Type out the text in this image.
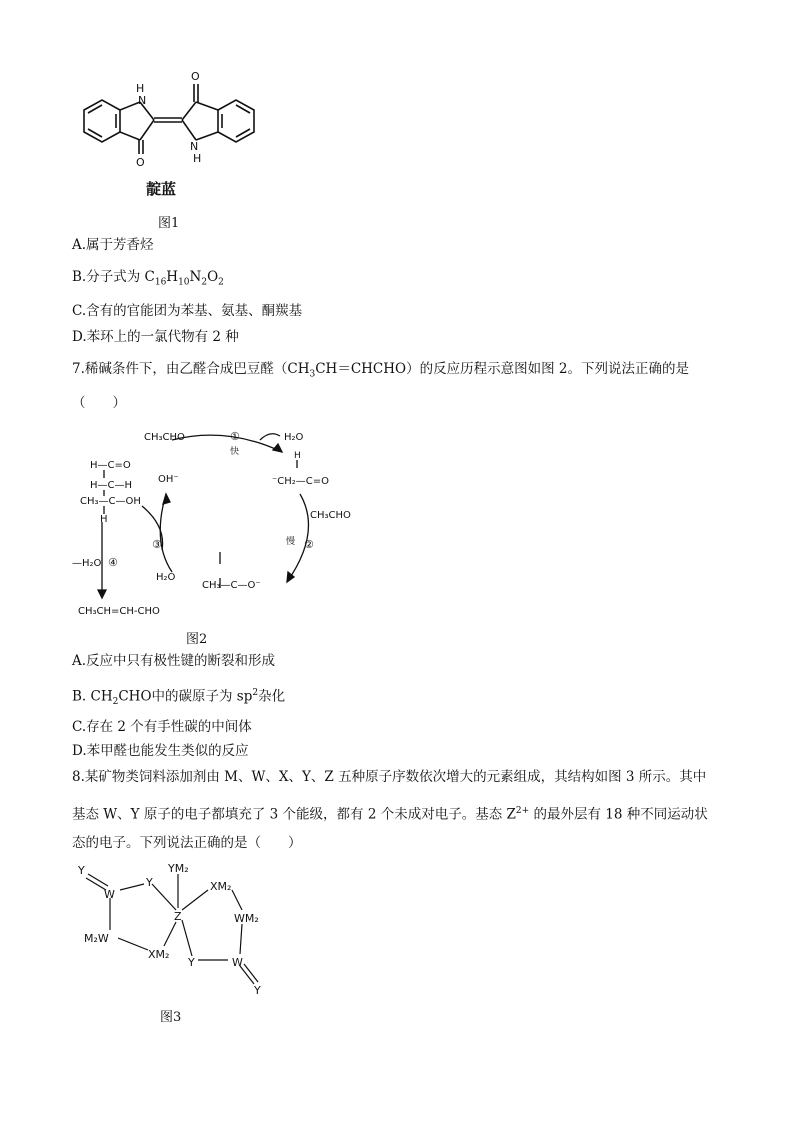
H
N
O
O
N
H
靛蓝
图1
A.属于芳香烃
B.分子式为 $C_{16}H_{10}N_2O_2$
C.含有的官能团为苯基、氨基、酮羰基
D.苯环上的一氯代物有 2 种
7.稀碱条件下，由乙醛合成巴豆醛$(CH_3CH=CHCHO)$的反应历程示意图如图 2。下列说法正确的是
（　　）
CH₃CHO	①
快
H₂O
H
OH⁻	⁻CH₂—C=O
CH₃CHO
②
慢
③
H₂O
CH₃—C—O⁻
H—C=O
H—C—H
CH₃—C—OH
H
—H₂O ④
CH₃CH=CH-CHO
图2
A.反应中只有极性键的断裂和形成
B. $CH_2CHO$中的碳原子为 $sp^2$杂化
C.存在 2 个有手性碳的中间体
D.苯甲醛也能发生类似的反应
8.某矿物类饲料添加剂由 M、W、X、Y、Z 五种原子序数依次增大的元素组成，其结构如图 3 所示。其中
基态 W、Y 原子的电子都填充了 3 个能级，都有 2 个未成对电子。基态 $Z^{2+}$ 的最外层有 18 种不同运动状
态的电子。下列说法正确的是（　　）
Y
W
Y
YM₂
XM₂
WM₂
Z
M₂W
XM₂
Y	W
Y
图3
